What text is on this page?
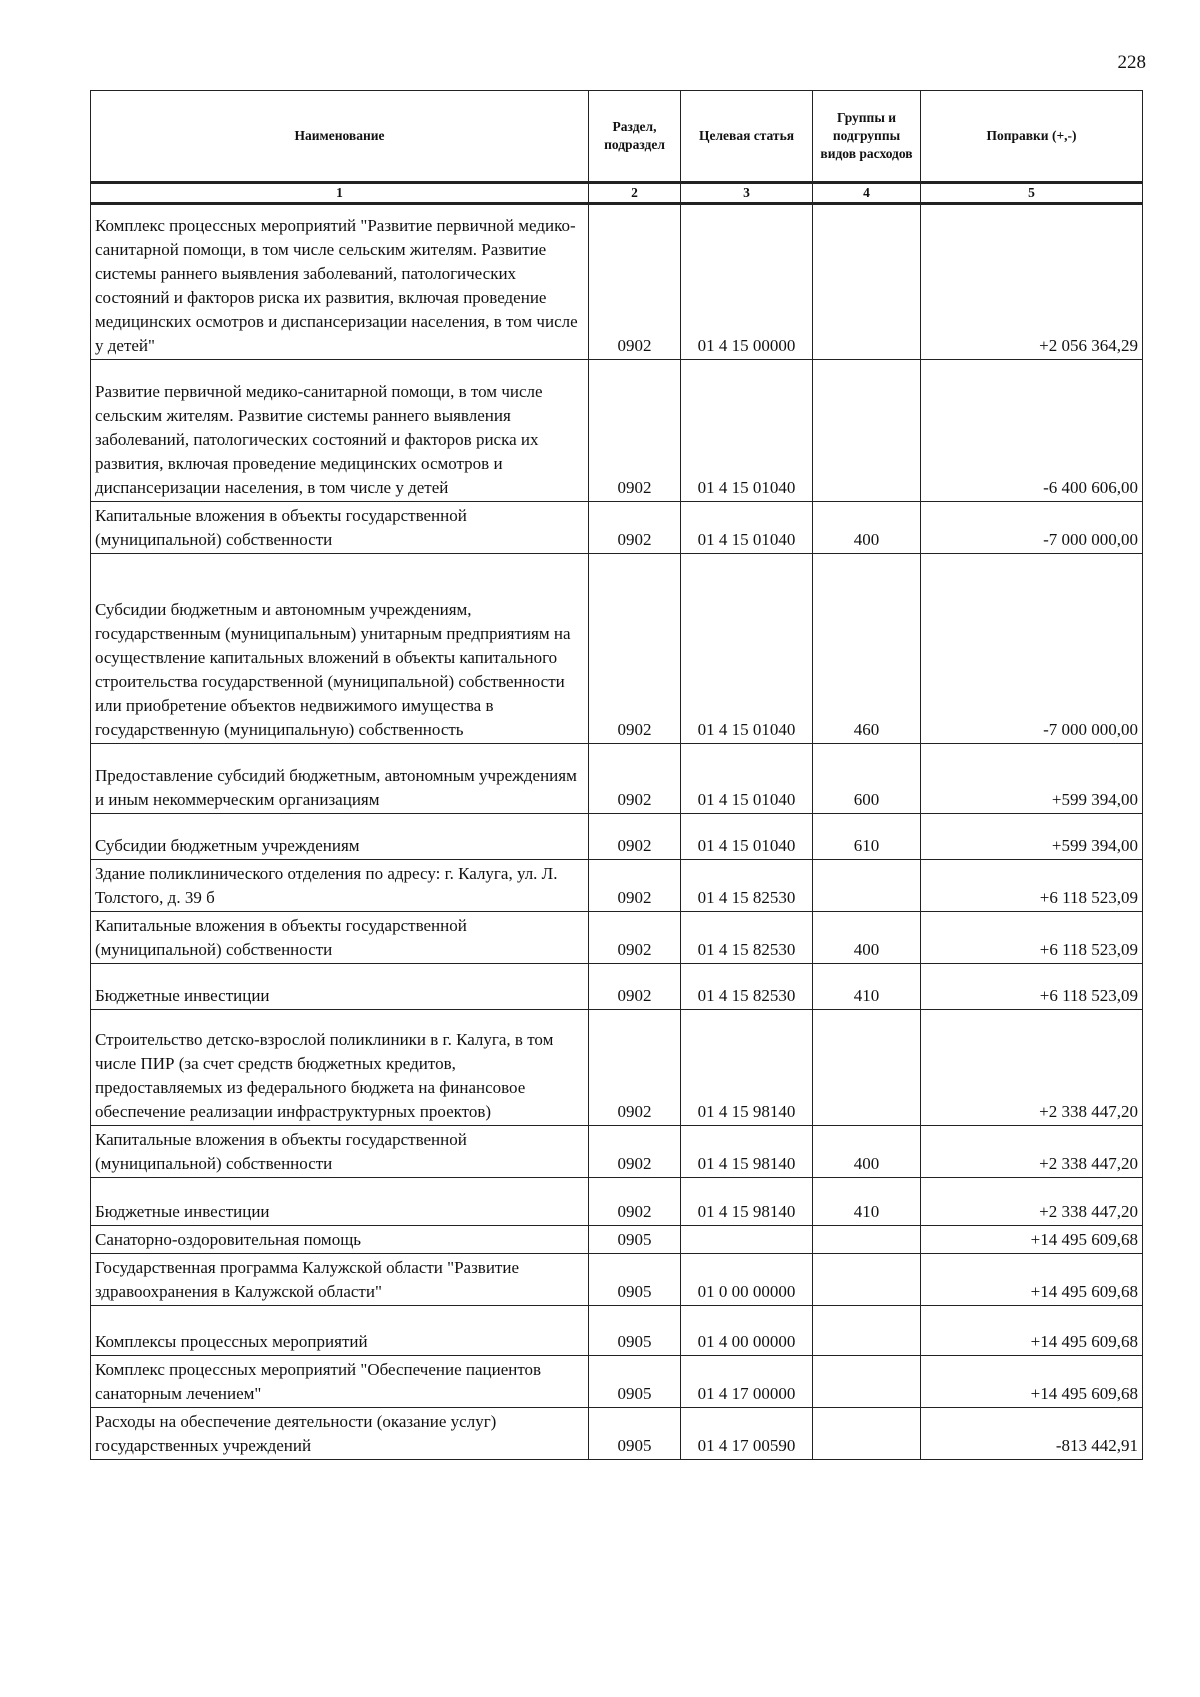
228
Наименование	Раздел, подраздел	Целевая статья	Группы и подгруппы видов расходов	Поправки (+,-)
1	2	3	4	5
Комплекс процессных мероприятий "Развитие первичной медико-санитарной помощи, в том числе сельским жителям. Развитие системы раннего выявления заболеваний, патологических состояний и факторов риска их развития, включая проведение медицинских осмотров и диспансеризации населения, в том числе у детей"	0902	01 4 15 00000		+2 056 364,29
Развитие первичной медико-санитарной помощи, в том числе сельским жителям. Развитие системы раннего выявления заболеваний, патологических состояний и факторов риска их развития, включая проведение медицинских осмотров и диспансеризации населения, в том числе у детей	0902	01 4 15 01040		-6 400 606,00
Капитальные вложения в объекты государственной (муниципальной) собственности	0902	01 4 15 01040	400	-7 000 000,00
Субсидии бюджетным и автономным учреждениям, государственным (муниципальным) унитарным предприятиям на осуществление капитальных вложений в объекты капитального строительства государственной (муниципальной) собственности или приобретение объектов недвижимого имущества в государственную (муниципальную) собственность	0902	01 4 15 01040	460	-7 000 000,00
Предоставление субсидий бюджетным, автономным учреждениям и иным некоммерческим организациям	0902	01 4 15 01040	600	+599 394,00
Субсидии бюджетным учреждениям	0902	01 4 15 01040	610	+599 394,00
Здание поликлинического отделения по адресу: г. Калуга, ул. Л. Толстого, д. 39 б	0902	01 4 15 82530		+6 118 523,09
Капитальные вложения в объекты государственной (муниципальной) собственности	0902	01 4 15 82530	400	+6 118 523,09
Бюджетные инвестиции	0902	01 4 15 82530	410	+6 118 523,09
Строительство детско-взрослой поликлиники в г. Калуга, в том числе ПИР (за счет средств бюджетных кредитов, предоставляемых из федерального бюджета на финансовое обеспечение реализации инфраструктурных проектов)	0902	01 4 15 98140		+2 338 447,20
Капитальные вложения в объекты государственной (муниципальной) собственности	0902	01 4 15 98140	400	+2 338 447,20
Бюджетные инвестиции	0902	01 4 15 98140	410	+2 338 447,20
Санаторно-оздоровительная помощь	0905			+14 495 609,68
Государственная программа Калужской области "Развитие здравоохранения в Калужской области"	0905	01 0 00 00000		+14 495 609,68
Комплексы процессных мероприятий	0905	01 4 00 00000		+14 495 609,68
Комплекс процессных мероприятий "Обеспечение пациентов санаторным лечением"	0905	01 4 17 00000		+14 495 609,68
Расходы на обеспечение деятельности (оказание услуг) государственных учреждений	0905	01 4 17 00590		-813 442,91
